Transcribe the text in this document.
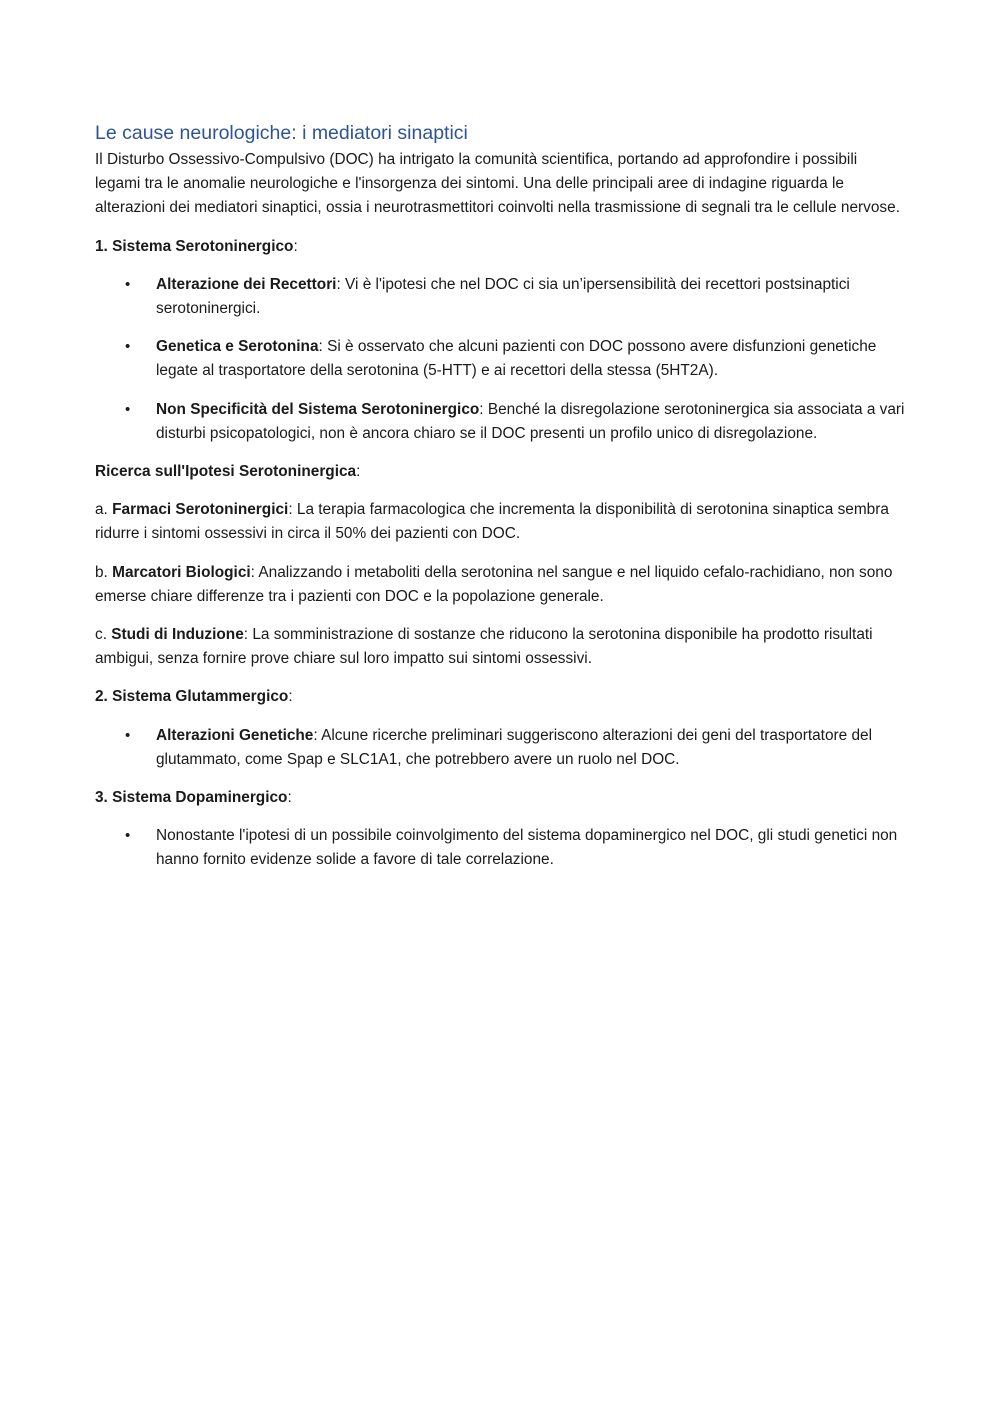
Le cause neurologiche: i mediatori sinaptici

Il Disturbo Ossessivo-Compulsivo (DOC) ha intrigato la comunità scientifica, portando ad approfondire i possibili legami tra le anomalie neurologiche e l'insorgenza dei sintomi. Una delle principali aree di indagine riguarda le alterazioni dei mediatori sinaptici, ossia i neurotrasmettitori coinvolti nella trasmissione di segnali tra le cellule nervose.

1. Sistema Serotoninergico:

• Alterazione dei Recettori: Vi è l'ipotesi che nel DOC ci sia un’ipersensibilità dei recettori postsinaptici serotoninergici.
• Genetica e Serotonina: Si è osservato che alcuni pazienti con DOC possono avere disfunzioni genetiche legate al trasportatore della serotonina (5-HTT) e ai recettori della stessa (5HT2A).
• Non Specificità del Sistema Serotoninergico: Benché la disregolazione serotoninergica sia associata a vari disturbi psicopatologici, non è ancora chiaro se il DOC presenti un profilo unico di disregolazione.

Ricerca sull'Ipotesi Serotoninergica:

a. Farmaci Serotoninergici: La terapia farmacologica che incrementa la disponibilità di serotonina sinaptica sembra ridurre i sintomi ossessivi in circa il 50% dei pazienti con DOC.

b. Marcatori Biologici: Analizzando i metaboliti della serotonina nel sangue e nel liquido cefalo-rachidiano, non sono emerse chiare differenze tra i pazienti con DOC e la popolazione generale.

c. Studi di Induzione: La somministrazione di sostanze che riducono la serotonina disponibile ha prodotto risultati ambigui, senza fornire prove chiare sul loro impatto sui sintomi ossessivi.

2. Sistema Glutammergico:

• Alterazioni Genetiche: Alcune ricerche preliminari suggeriscono alterazioni dei geni del trasportatore del glutammato, come Spap e SLC1A1, che potrebbero avere un ruolo nel DOC.

3. Sistema Dopaminergico:

• Nonostante l'ipotesi di un possibile coinvolgimento del sistema dopaminergico nel DOC, gli studi genetici non hanno fornito evidenze solide a favore di tale correlazione.
